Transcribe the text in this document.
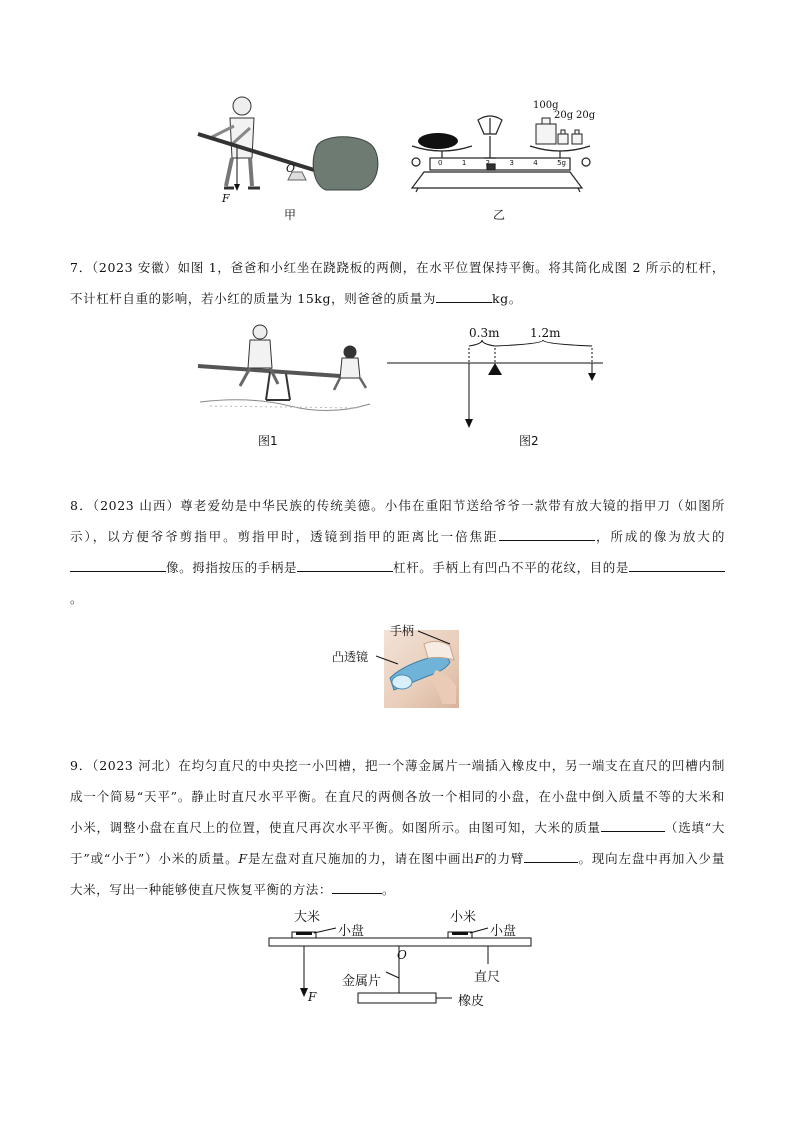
O
F
100g
20g 20g
0	1	2	3	4	5g
甲	乙
7．（2023 安徽）如图 1，爸爸和小红坐在跷跷板的两侧，在水平位置保持平衡。将其简化成图 2 所示的杠杆，不计杠杆自重的影响，若小红的质量为 15kg，则爸爸的质量为	kg。
图1
0.3m	1.2m
图2
8．（2023 山西）尊老爱幼是中华民族的传统美德。小伟在重阳节送给爷爷一款带有放大镜的指甲刀（如图所示），以方便爷爷剪指甲。剪指甲时，透镜到指甲的距离比一倍焦距	，所成的像为放大的像。拇指按压的手柄是	杠杆。手柄上有凹凸不平的花纹，目的是。
手柄
凸透镜
9．（2023 河北）在均匀直尺的中央挖一小凹槽，把一个薄金属片一端插入橡皮中，另一端支在直尺的凹槽内制成一个简易“天平”。静止时直尺水平平衡。在直尺的两侧各放一个相同的小盘，在小盘中倒入质量不等的大米和小米，调整小盘在直尺上的位置，使直尺再次水平平衡。如图所示。由图可知，大米的质量	（选填“大于”或“小于”）小米的质量。F是左盘对直尺施加的力，请在图中画出F的力臂	。现向左盘中再加入少量大米，写出一种能够使直尺恢复平衡的方法：	。
大米	小米
小盘	小盘
O
金属片	直尺
F	橡皮
